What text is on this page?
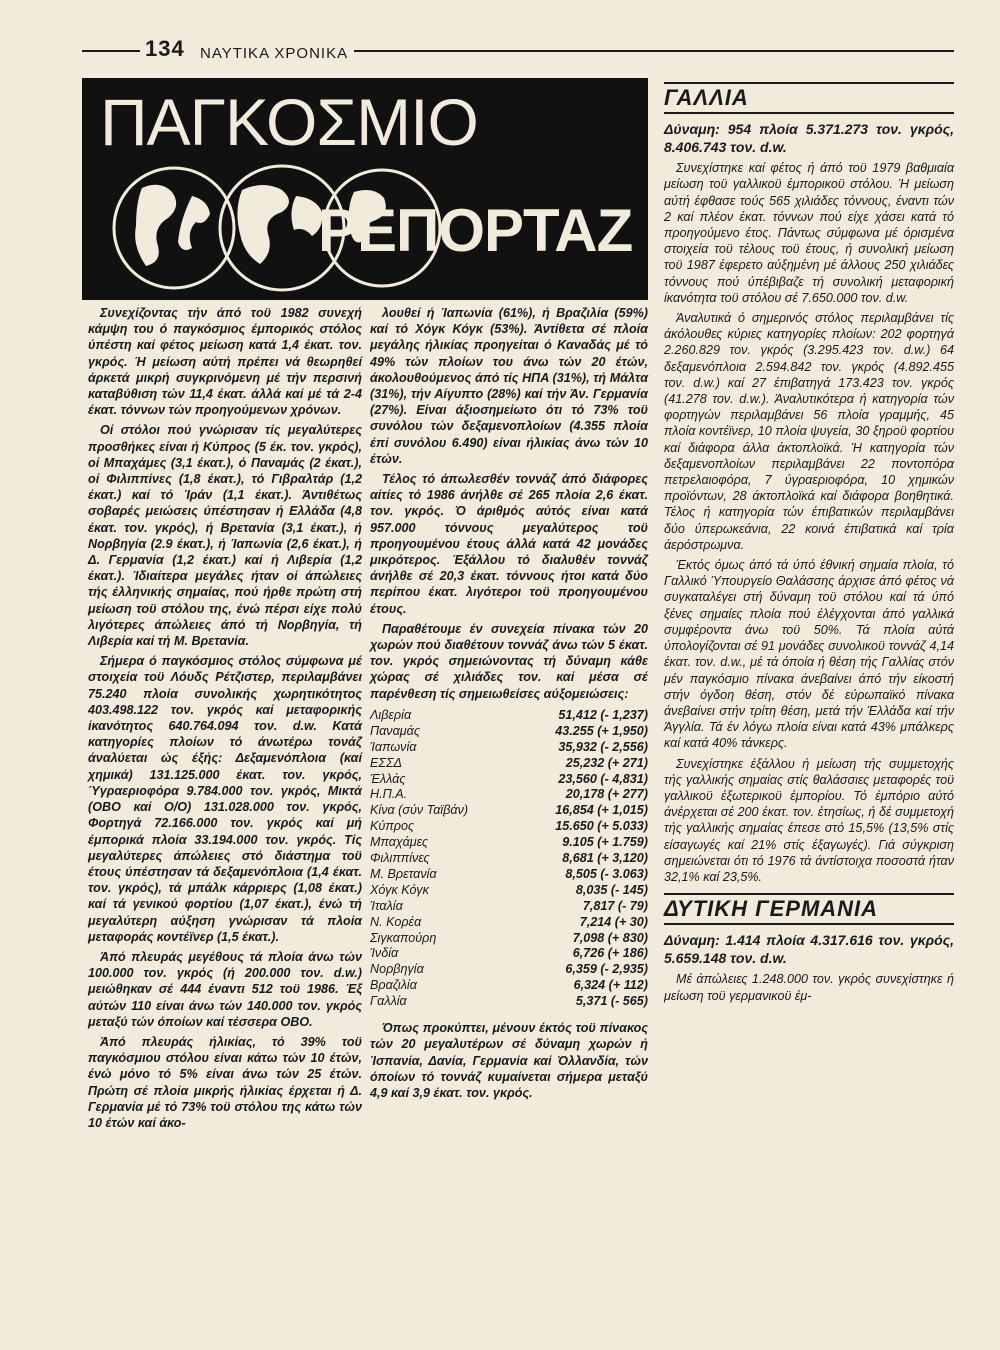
134 ΝΑΥΤΙΚΑ ΧΡΟΝΙΚΑ
ΠΑΓΚΟΣΜΙΟ
ΡΕΠΟΡΤΑΖ

Συνεχίζοντας τήν άπό τοϋ 1982 συνεχή κάμψη του ό παγκόσμιος έμπορικός στόλος ύπέστη καί φέτος μείωση κατά 1,4 έκατ. τον. γκρός. Ή μείωση αύτή πρέπει νά θεωρηθεί άρκετά μικρή συγκρινόμενη μέ τήν περσινή καταβύθιση τών 11,4 έκατ. άλλά καί μέ τά 2-4 έκατ. τόννων τών προηγούμενων χρόνων.

Οί στόλοι πού γνώρισαν τίς μεγαλύτερες προσθήκες είναι ή Κύπρος (5 έκ. τον. γκρός), οί Μπαχάμες (3,1 έκατ.), ό Παναμάς (2 έκατ.), οί Φιλιππίνες (1,8 έκατ.), τό Γιβραλτάρ (1,2 έκατ.) καί τό Ίράν (1,1 έκατ.). Άντιθέτως σοβαρές μειώσεις ύπέστησαν ή Ελλάδα (4,8 έκατ. τον. γκρός), ή Βρετανία (3,1 έκατ.), ή Νορβηγία (2.9 έκατ.), ή Ίαπωνία (2,6 έκατ.), ή Δ. Γερμανία (1,2 έκατ.) καί ή Λιβερία (1,2 έκατ.). Ίδιαίτερα μεγάλες ήταν οί άπώλειες τής έλληνικής σημαίας, πού ήρθε πρώτη στή μείωση τοϋ στόλου της, ένώ πέρσι είχε πολύ λιγότερες άπώλειες άπό τή Νορβηγία, τή Λιβερία καί τή Μ. Βρετανία.

Σήμερα ό παγκόσμιος στόλος σύμφωνα μέ στοιχεία τοϋ Λόυδς Ρέτζιστερ, περιλαμβάνει 75.240 πλοία συνολικής χωρητικότητος 403.498.122 τον. γκρός καί μεταφορικής ίκανότητος 640.764.094 τον. d.w. Κατά κατηγορίες πλοίων τό άνωτέρω τονάζ άναλύεται ώς έξής: Δεξαμενόπλοια (καί χημικά) 131.125.000 έκατ. τον. γκρός, Ύγραεριοφόρα 9.784.000 τον. γκρός, Μικτά (OBO καί O/O) 131.028.000 τον. γκρός, Φορτηγά 72.166.000 τον. γκρός καί μή έμπορικά πλοία 33.194.000 τον. γκρός. Τίς μεγαλύτερες άπώλειες στό διάστημα τοϋ έτους ύπέστησαν τά δεξαμενόπλοια (1,4 έκατ. τον. γκρός), τά μπάλκ κάρριερς (1,08 έκατ.) καί τά γενικού φορτίου (1,07 έκατ.), ένώ τή μεγαλύτερη αύξηση γνώρισαν τά πλοία μεταφοράς κοντέϊνερ (1,5 έκατ.).

Άπό πλευράς μεγέθους τά πλοία άνω τών 100.000 τον. γκρός (ή 200.000 τον. d.w.) μειώθηκαν σέ 444 έναντι 512 τοϋ 1986. Έξ αύτών 110 είναι άνω τών 140.000 τον. γκρός μεταξύ τών όποίων καί τέσσερα OBO.

Άπό πλευράς ήλικίας, τό 39% τοϋ παγκόσμιου στόλου είναι κάτω τών 10 έτών, ένώ μόνο τό 5% είναι άνω τών 25 έτών. Πρώτη σέ πλοία μικρής ήλικίας έρχεται ή Δ. Γερμανία μέ τό 73% τοϋ στόλου της κάτω τών 10 έτών καί άκο-

λουθεί ή Ίαπωνία (61%), ή Βραζιλία (59%) καί τό Χόγκ Κόγκ (53%). Άντίθετα σέ πλοία μεγάλης ήλικίας προηγείται ό Καναδάς μέ τό 49% τών πλοίων του άνω τών 20 έτών, άκολουθούμενος άπό τίς ΗΠΑ (31%), τή Μάλτα (31%), τήν Αίγυπτο (28%) καί τήν Άν. Γερμανία (27%). Είναι άξιοσημείωτο ότι τό 73% τοϋ συνόλου τών δεξαμενοπλοίων (4.355 πλοία έπί συνόλου 6.490) είναι ήλικίας άνω τών 10 έτών.

Τέλος τό άπωλεσθέν τοννάζ άπό διάφορες αίτίες τό 1986 άνήλθε σέ 265 πλοία 2,6 έκατ. τον. γκρός. Ό άριθμός αύτός είναι κατά 957.000 τόννους μεγαλύτερος τοϋ προηγουμένου έτους άλλά κατά 42 μονάδες μικρότερος. Έξάλλου τό διαλυθέν τοννάζ άνήλθε σέ 20,3 έκατ. τόννους ήτοι κατά δύο περίπου έκατ. λιγότεροι τοϋ προηγουμένου έτους.

Παραθέτουμε έν συνεχεία πίνακα τών 20 χωρών πού διαθέτουν τοννάζ άνω τών 5 έκατ. τον. γκρός σημειώνοντας τή δύναμη κάθε χώρας σέ χιλιάδες τον. καί μέσα σέ παρένθεση τίς σημειωθείσες αύξομειώσεις:

Λιβερία	51,412 (- 1,237)
Παναμάς	43.255 (+ 1,950)
Ίαπωνία	35,932 (- 2,556)
ΕΣΣΔ	25,232 (+ 271)
Έλλάς	23,560 (- 4,831)
Η.Π.Α.	20,178 (+ 277)
Κίνα (σύν Ταϊβάν)	16,854 (+ 1,015)
Κύπρος	15.650 (+ 5.033)
Μπαχάμες	9.105 (+ 1.759)
Φιλιππίνες	8,681 (+ 3,120)
Μ. Βρετανία	8,505 (- 3.063)
Χόγκ Κόγκ	8,035 (- 145)
Ίταλία	7,817 (- 79)
Ν. Κορέα	7,214 (+ 30)
Σιγκαπούρη	7,098 (+ 830)
Ίνδία	6,726 (+ 186)
Νορβηγία	6,359 (- 2,935)
Βραζιλία	6,324 (+ 112)
Γαλλία	5,371 (- 565)

Όπως προκύπτει, μένουν έκτός τοϋ πίνακος τών 20 μεγαλυτέρων σέ δύναμη χωρών ή Ίσπανία, Δανία, Γερμανία καί Όλλανδία, τών όποίων τό τοννάζ κυμαίνεται σήμερα μεταξύ 4,9 καί 3,9 έκατ. τον. γκρός.

ΓΑΛΛΙΑ
Δύναμη: 954 πλοία 5.371.273 τον. γκρός, 8.406.743 τον. d.w.

Συνεχίστηκε καί φέτος ή άπό τοϋ 1979 βαθμιαία μείωση τοϋ γαλλικοϋ έμπορικοϋ στόλου. Ή μείωση αύτή έφθασε τούς 565 χιλιάδες τόννους, έναντι τών 2 καί πλέον έκατ. τόννων πού είχε χάσει κατά τό προηγούμενο έτος. Πάντως σύμφωνα μέ όρισμένα στοιχεία τοϋ τέλους τοϋ έτους, ή συνολική μείωση τοϋ 1987 έφερετο αύξημένη μέ άλλους 250 χιλιάδες τόννους πού ύπέβιβαζε τή συνολική μεταφορική ίκανότητα τοϋ στόλου σέ 7.650.000 τον. d.w.

Άναλυτικά ό σημερινός στόλος περιλαμβάνει τίς άκόλουθες κύριες κατηγορίες πλοίων: 202 φορτηγά 2.260.829 τον. γκρός (3.295.423 τον. d.w.) 64 δεξαμενόπλοια 2.594.842 τον. γκρός (4.892.455 τον. d.w.) καί 27 έπιβατηγά 173.423 τον. γκρός (41.278 τον. d.w.). Άναλυτικότερα ή κατηγορία τών φορτηγών περιλαμβάνει 56 πλοία γραμμής, 45 πλοία κοντέϊνερ, 10 πλοία ψυγεία, 30 ξηροϋ φορτίου καί διάφορα άλλα άκτοπλοϊκά. Ή κατηγορία τών δεξαμενοπλοίων περιλαμβάνει 22 ποντοπόρα πετρελαιοφόρα, 7 ύγραεριοφόρα, 10 χημικών προϊόντων, 28 άκτοπλοϊκά καί διάφορα βοηθητικά. Τέλος ή κατηγορία τών έπιβατικών περιλαμβάνει δύο ύπερωκεάνια, 22 κοινά έπιβατικά καί τρία άερόστρωμνα.

Έκτός όμως άπό τά ύπό έθνική σημαία πλοία, τό Γαλλικό Ύπουργείο Θαλάσσης άρχισε άπό φέτος νά συγκαταλέγει στή δύναμη τοϋ στόλου καί τά ύπό ξένες σημαίες πλοία πού έλέγχονται άπό γαλλικά συμφέροντα άνω τοϋ 50%. Τά πλοία αύτά ύπολογίζονται σέ 91 μονάδες συνολικοϋ τοννάζ 4,14 έκατ. τον. d.w., μέ τά όποία ή θέση τής Γαλλίας στόν μέν παγκόσμιο πίνακα άνεβαίνει άπό τήν είκοστή στήν όγδοη θέση, στόν δέ εύρωπαϊκό πίνακα άνεβαίνει στήν τρίτη θέση, μετά τήν Έλλάδα καί τήν Άγγλία. Τά έν λόγω πλοία είναι κατά 43% μπάλκερς καί κατά 40% τάνκερς.

Συνεχίστηκε έξάλλου ή μείωση τής συμμετοχής τής γαλλικής σημαίας στίς θαλάσσιες μεταφορές τοϋ γαλλικοϋ έξωτερικοϋ έμπορίου. Τό έμπόριο αύτό άνέρχεται σέ 200 έκατ. τον. έτησίως, ή δέ συμμετοχή τής γαλλικής σημαίας έπεσε στό 15,5% (13,5% στίς είσαγωγές καί 21% στίς έξαγωγές). Γιά σύγκριση σημειώνεται ότι τό 1976 τά άντίστοιχα ποσοστά ήταν 32,1% καί 23,5%.

ΔΥΤΙΚΗ ΓΕΡΜΑΝΙΑ
Δύναμη: 1.414 πλοία 4.317.616 τον. γκρός, 5.659.148 τον. d.w.

Μέ άπώλειες 1.248.000 τον. γκρός συνεχίστηκε ή μείωση τοϋ γερμανικοϋ έμ-
